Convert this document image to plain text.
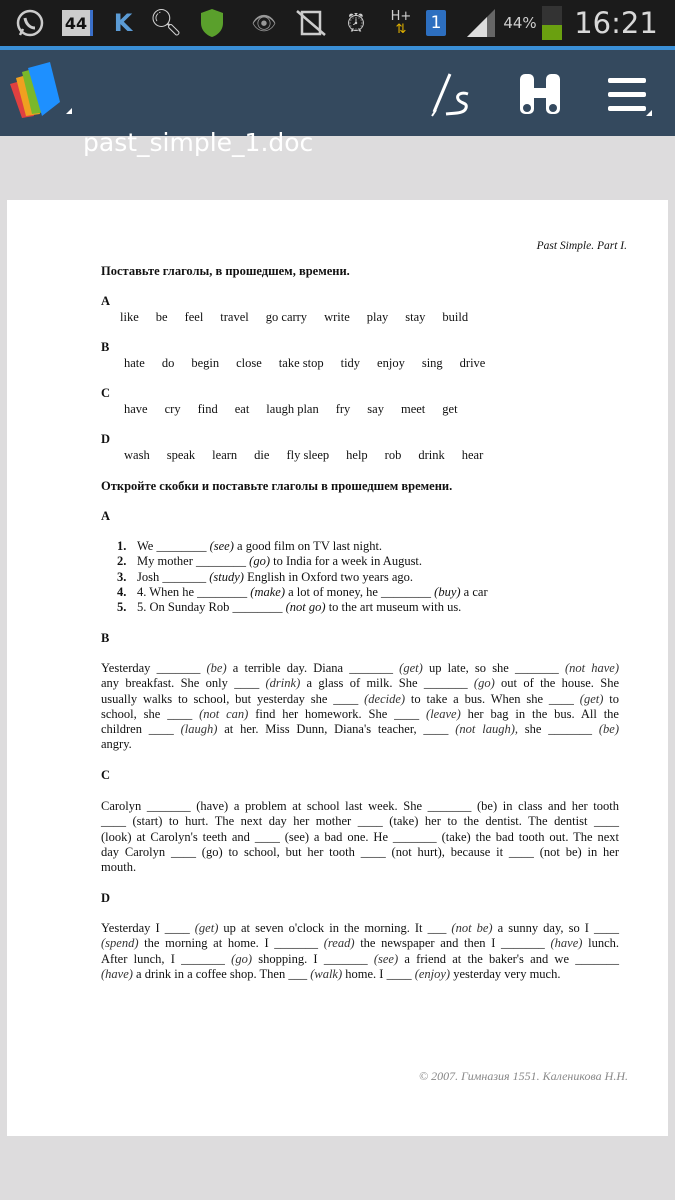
44 K 🔍︎	👁︎	⏰︎	H+
⇅ 1	44% 16:21
past_simple_1.doc
Past Simple. Part I.
Поставьте глаголы, в прошедшем, времени.
A
like be feel travel go carry write play stay build
B
hate do begin close take stop tidy enjoy sing drive
C
have cry find eat laugh plan fry say meet get
D
wash speak learn die fly sleep help rob drink hear
Откройте скобки и поставьте глаголы в прошедшем времени.
A
1. We ________ (see) a good film on TV last night.
2. My mother ________ (go) to India for a week in August.
3. Josh _______ (study) English in Oxford two years ago.
4. 4. When he ________ (make) a lot of money, he ________ (buy) a car
5. 5. On Sunday Rob ________ (not go) to the art museum with us.
B
Yesterday _______ (be) a terrible day. Diana _______ (get) up late, so she _______ (not have)
any breakfast. She only ____ (drink) a glass of milk. She _______ (go) out of the house. She
usually walks to school, but yesterday she ____ (decide) to take a bus. When she ____ (get) to
school, she ____ (not can) find her homework. She ____ (leave) her bag in the bus. All the
children ____ (laugh) at her. Miss Dunn, Diana's teacher, ____ (not laugh), she _______ (be)
angry.
C
Carolyn _______ (have) a problem at school last week. She _______ (be) in class and her tooth
____ (start) to hurt. The next day her mother ____ (take) her to the dentist. The dentist ____
(look) at Carolyn's teeth and ____ (see) a bad one. He _______ (take) the bad tooth out. The next
day Carolyn ____ (go) to school, but her tooth ____ (not hurt), because it ____ (not be) in her
mouth.
D
Yesterday I ____ (get) up at seven o'clock in the morning. It ___ (not be) a sunny day, so I ____
(spend) the morning at home. I _______ (read) the newspaper and then I _______ (have) lunch.
After lunch, I _______ (go) shopping. I _______ (see) a friend at the baker's and we _______
(have) a drink in a coffee shop. Then ___ (walk) home. I ____ (enjoy) yesterday very much.
© 2007. Гимназия 1551. Каленикова Н.Н.
